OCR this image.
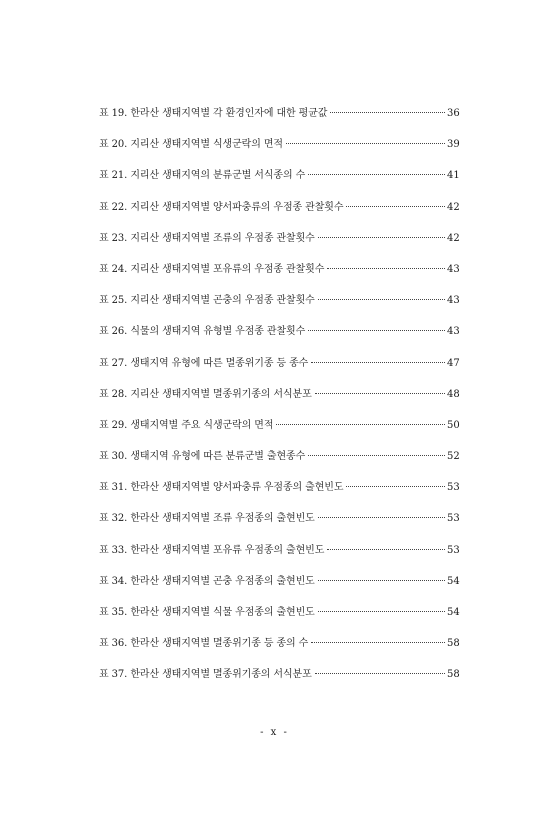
표 19. 한라산 생태지역별 각 환경인자에 대한 평균값	36
표 20. 지리산 생태지역별 식생군락의 면적	39
표 21. 지리산 생태지역의 분류군별 서식종의 수	41
표 22. 지리산 생태지역별 양서파충류의 우점종 관찰횟수	42
표 23. 지리산 생태지역별 조류의 우점종 관찰횟수	42
표 24. 지리산 생태지역별 포유류의 우점종 관찰횟수	43
표 25. 지리산 생태지역별 곤충의 우점종 관찰횟수	43
표 26. 식물의 생태지역 유형별 우점종 관찰횟수	43
표 27. 생태지역 유형에 따른 멸종위기종 등 종수	47
표 28. 지리산 생태지역별 멸종위기종의 서식분포	48
표 29. 생태지역별 주요 식생군락의 면적	50
표 30. 생태지역 유형에 따른 분류군별 출현종수	52
표 31. 한라산 생태지역별 양서파충류 우점종의 출현빈도	53
표 32. 한라산 생태지역별 조류 우점종의 출현빈도	53
표 33. 한라산 생태지역별 포유류 우점종의 출현빈도	53
표 34. 한라산 생태지역별 곤충 우점종의 출현빈도	54
표 35. 한라산 생태지역별 식물 우점종의 출현빈도	54
표 36. 한라산 생태지역별 멸종위기종 등 종의 수	58
표 37. 한라산 생태지역별 멸종위기종의 서식분포	58
- x -
